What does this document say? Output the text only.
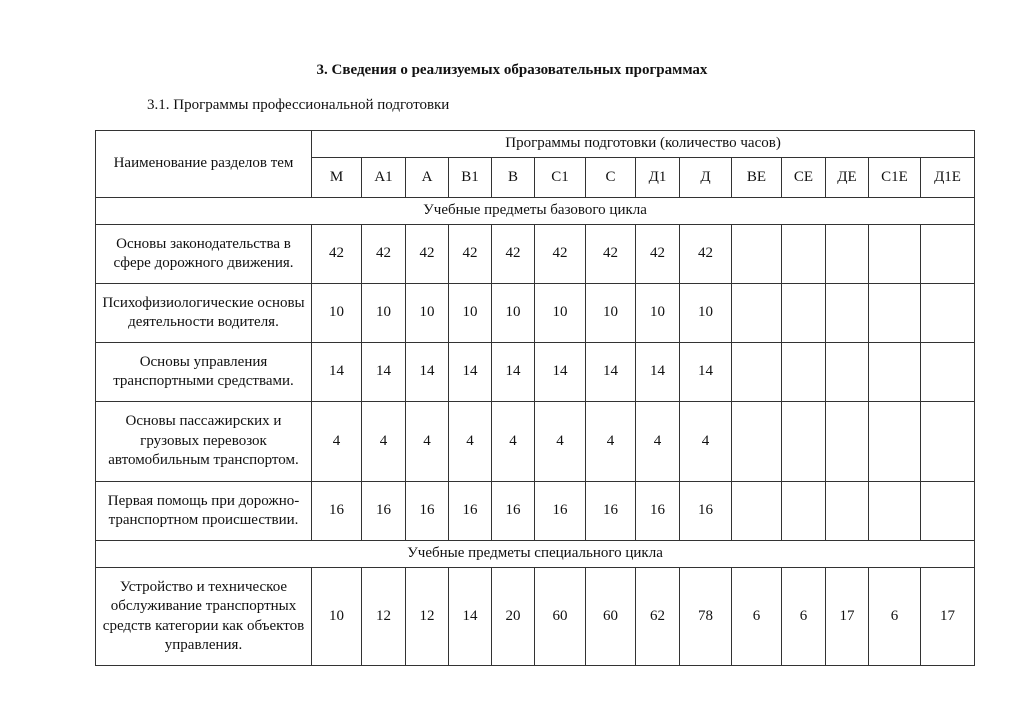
3. Сведения о реализуемых образовательных программах
3.1. Программы профессиональной подготовки
Наименование разделов тем	Программы подготовки (количество часов)													
	М	А1	А	В1	В	С1	С	Д1	Д	ВЕ	СЕ	ДЕ	С1Е	Д1Е
Учебные предметы базового цикла														
Основы законодательства в сфере дорожного движения.	42	42	42	42	42	42	42	42	42					
Психофизиологические основы деятельности водителя.	10	10	10	10	10	10	10	10	10					
Основы управления транспортными средствами.	14	14	14	14	14	14	14	14	14					
Основы пассажирских и грузовых перевозок автомобильным транспортом.	4	4	4	4	4	4	4	4	4					
Первая помощь при дорожно-транспортном происшествии.	16	16	16	16	16	16	16	16	16					
Учебные предметы специального цикла														
Устройство и техническое обслуживание транспортных средств категории как объектов управления.	10	12	12	14	20	60	60	62	78	6	6	17	6	17
